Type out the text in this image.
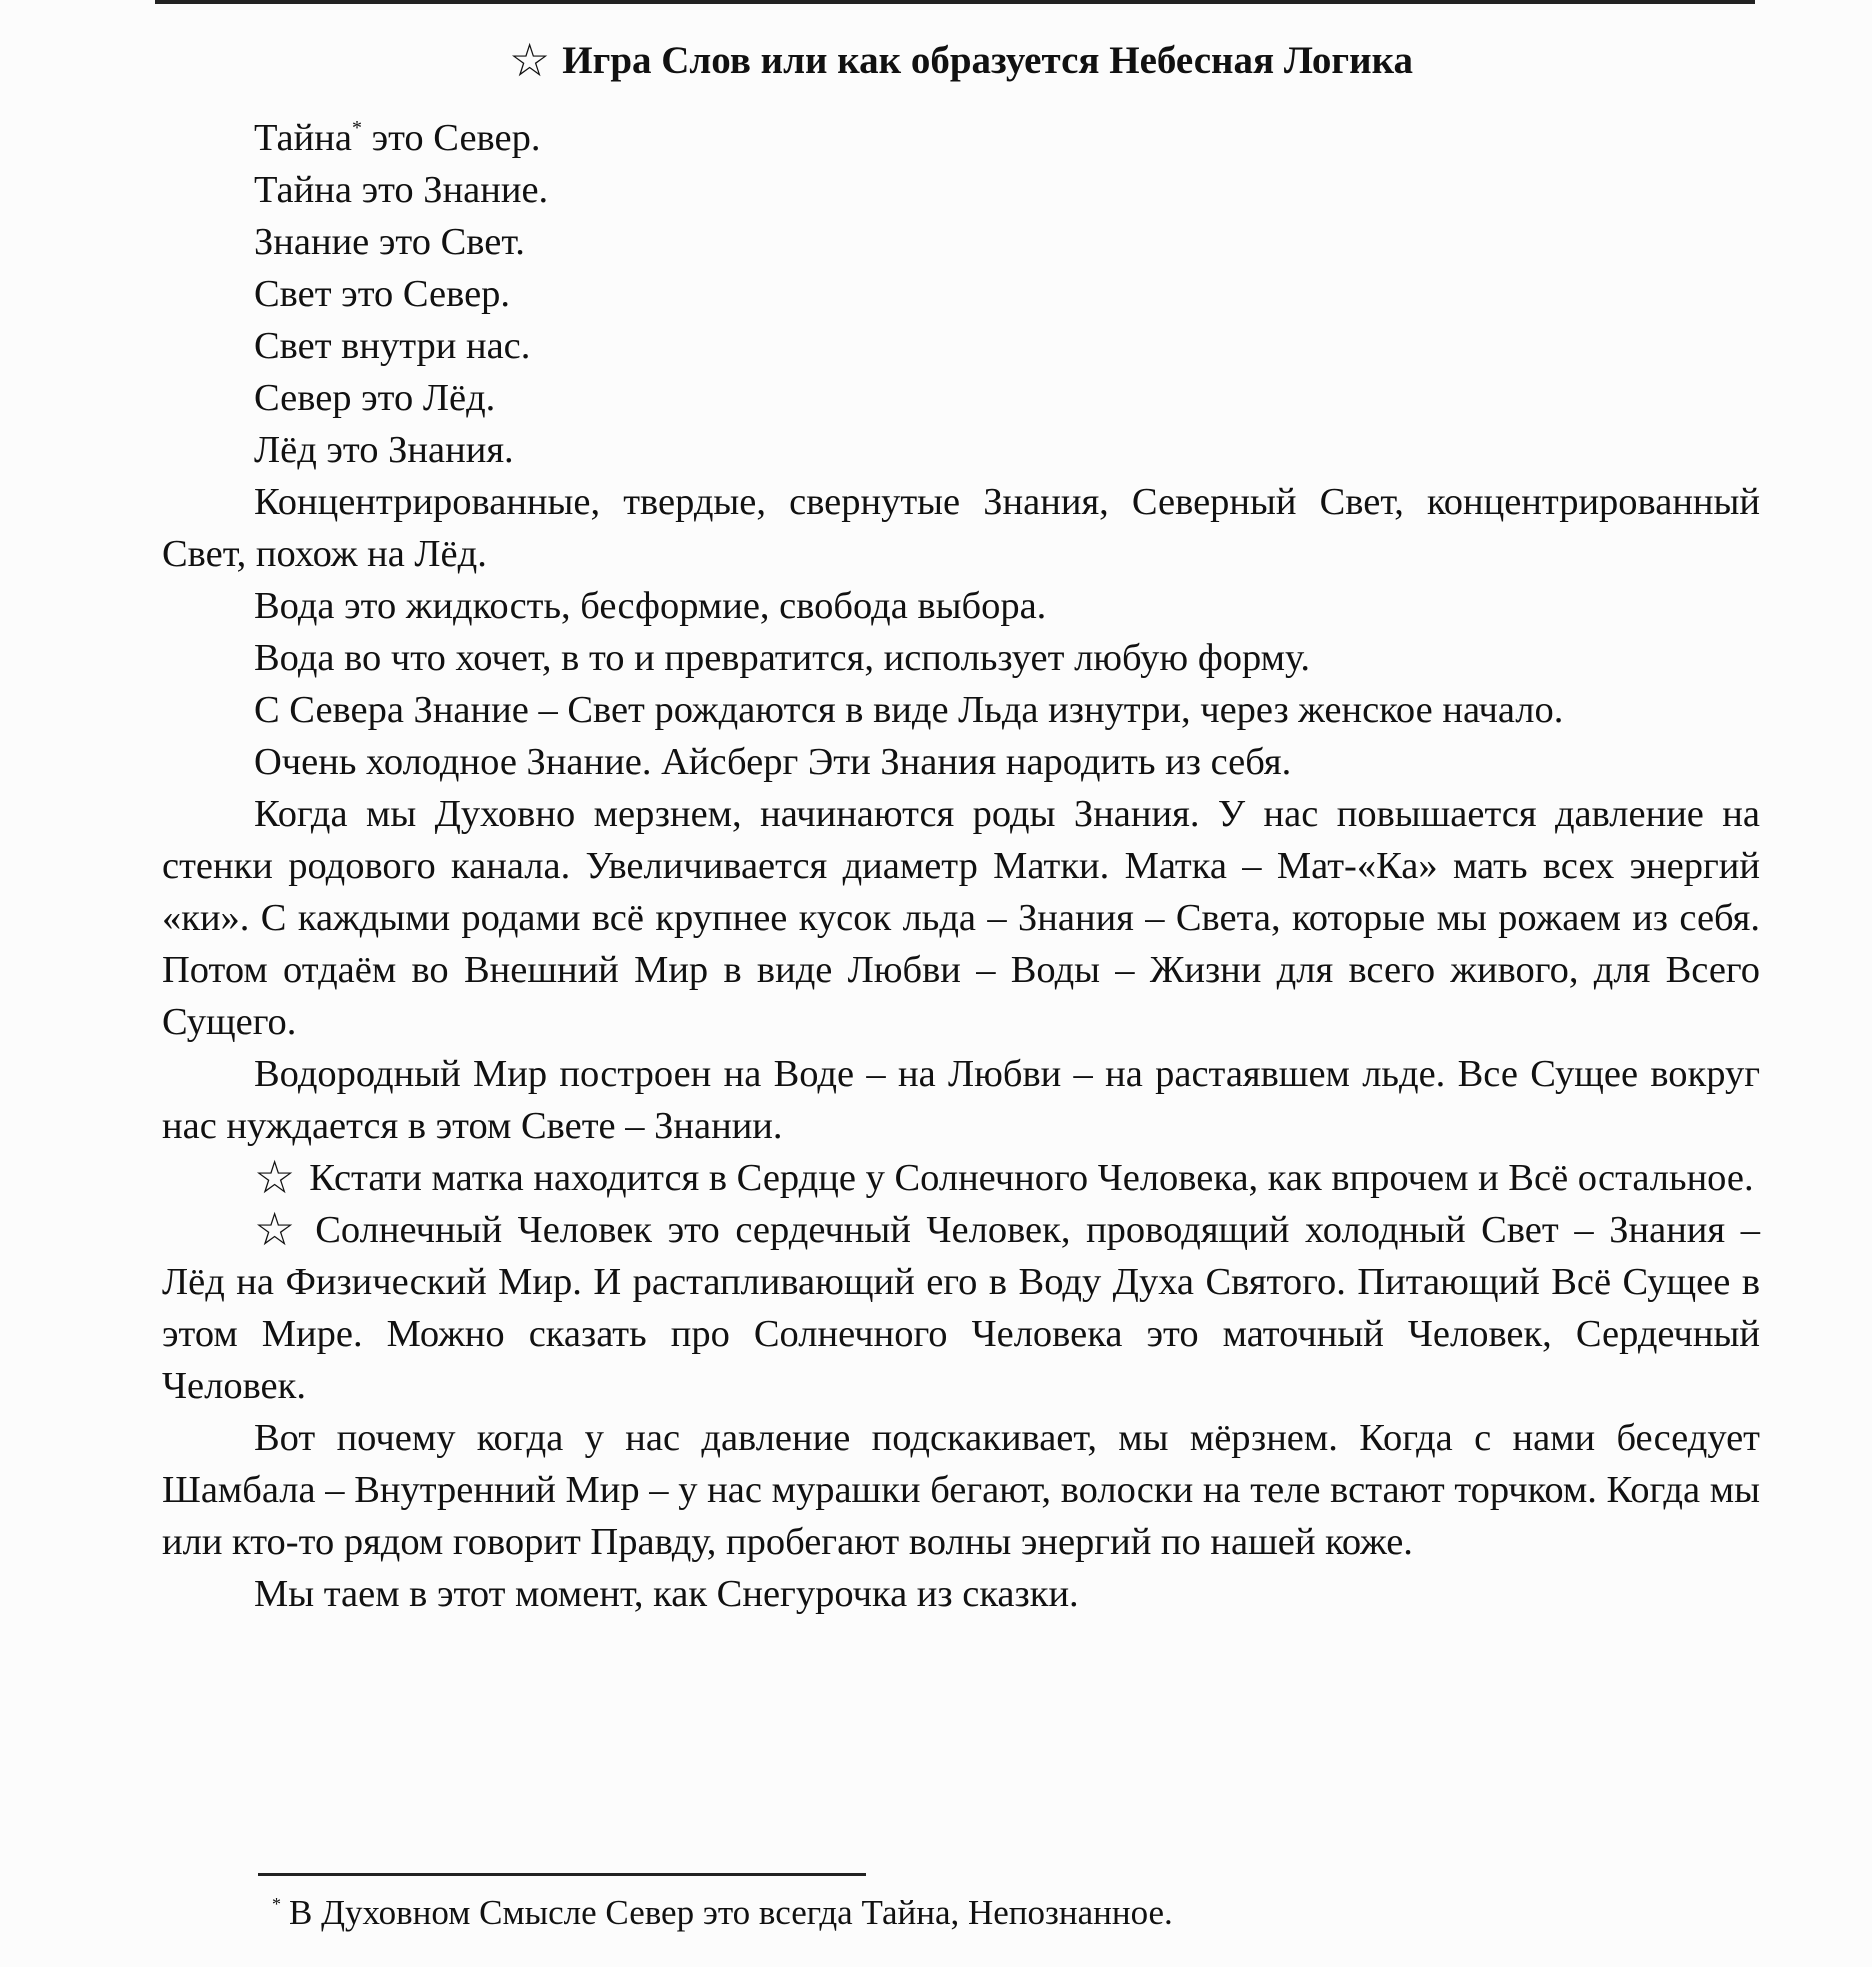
☆ Игра Слов или как образуется Небесная Логика
Тайна* это Север.
Тайна это Знание.
Знание это Свет.
Свет это Север.
Свет внутри нас.
Север это Лёд.
Лёд это Знания.
Концентрированные, твердые, свернутые Знания, Северный Свет, концентрированный Свет, похож на Лёд.
Вода это жидкость, бесформие, свобода выбора.
Вода во что хочет, в то и превратится, использует любую форму.
С Севера Знание – Свет рождаются в виде Льда изнутри, через женское начало.
Очень холодное Знание. Айсберг Эти Знания народить из себя.
Когда мы Духовно мерзнем, начинаются роды Знания. У нас повышается давление на стенки родового канала. Увеличивается диаметр Матки. Матка – Мат-«Ка» мать всех энергий «ки». С каждыми родами всё крупнее кусок льда – Знания – Света, которые мы рожаем из себя. Потом отдаём во Внешний Мир в виде Любви – Воды – Жизни для всего живого, для Всего Сущего.
Водородный Мир построен на Воде – на Любви – на растаявшем льде. Все Сущее вокруг нас нуждается в этом Свете – Знании.
☆ Кстати матка находится в Сердце у Солнечного Человека, как впрочем и Всё остальное.
☆ Солнечный Человек это сердечный Человек, проводящий холодный Свет – Знания – Лёд на Физический Мир. И растапливающий его в Воду Духа Святого. Питающий Всё Сущее в этом Мире. Можно сказать про Солнечного Человека это маточный Человек, Сердечный Человек.
Вот почему когда у нас давление подскакивает, мы мёрзнем. Когда с нами беседует Шамбала – Внутренний Мир – у нас мурашки бегают, волоски на теле встают торчком. Когда мы или кто-то рядом говорит Правду, пробегают волны энергий по нашей коже.
Мы таем в этот момент, как Снегурочка из сказки.
* В Духовном Смысле Север это всегда Тайна, Непознанное.
